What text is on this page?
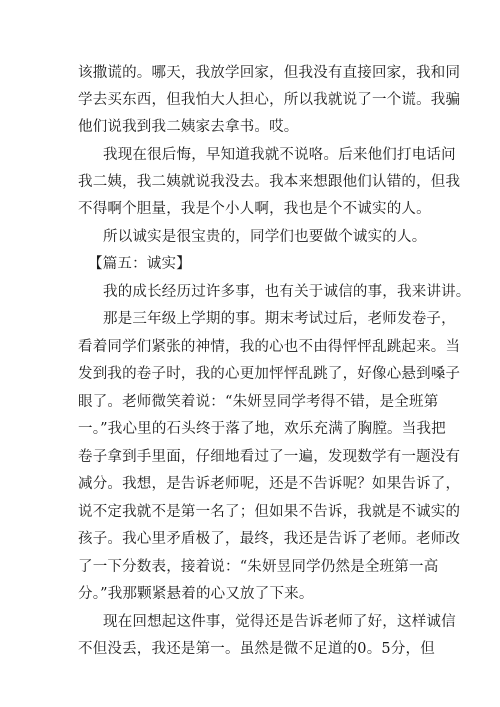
该撒谎的。哪天，我放学回家，但我没有直接回家，我和同
学去买东西，但我怕大人担心，所以我就说了一个谎。我骗
他们说我到我二姨家去拿书。哎。
我现在很后悔，早知道我就不说咯。后来他们打电话问
我二姨，我二姨就说我没去。我本来想跟他们认错的，但我
不得啊个胆量，我是个小人啊，我也是个不诚实的人。
所以诚实是很宝贵的，同学们也要做个诚实的人。
【篇五：诚实】
我的成长经历过许多事，也有关于诚信的事，我来讲讲。
那是三年级上学期的事。期末考试过后，老师发卷子，
看着同学们紧张的神情，我的心也不由得怦怦乱跳起来。当
发到我的卷子时，我的心更加怦怦乱跳了，好像心悬到嗓子
眼了。老师微笑着说：“朱妍昱同学考得不错，是全班第
一。”我心里的石头终于落了地，欢乐充满了胸膛。当我把
卷子拿到手里面，仔细地看过了一遍，发现数学有一题没有
减分。我想，是告诉老师呢，还是不告诉呢？如果告诉了，
说不定我就不是第一名了；但如果不告诉，我就是不诚实的
孩子。我心里矛盾极了，最终，我还是告诉了老师。老师改
了一下分数表，接着说：“朱妍昱同学仍然是全班第一高
分。”我那颗紧悬着的心又放了下来。
现在回想起这件事，觉得还是告诉老师了好，这样诚信
不但没丢，我还是第一。虽然是微不足道的0。5分，但
